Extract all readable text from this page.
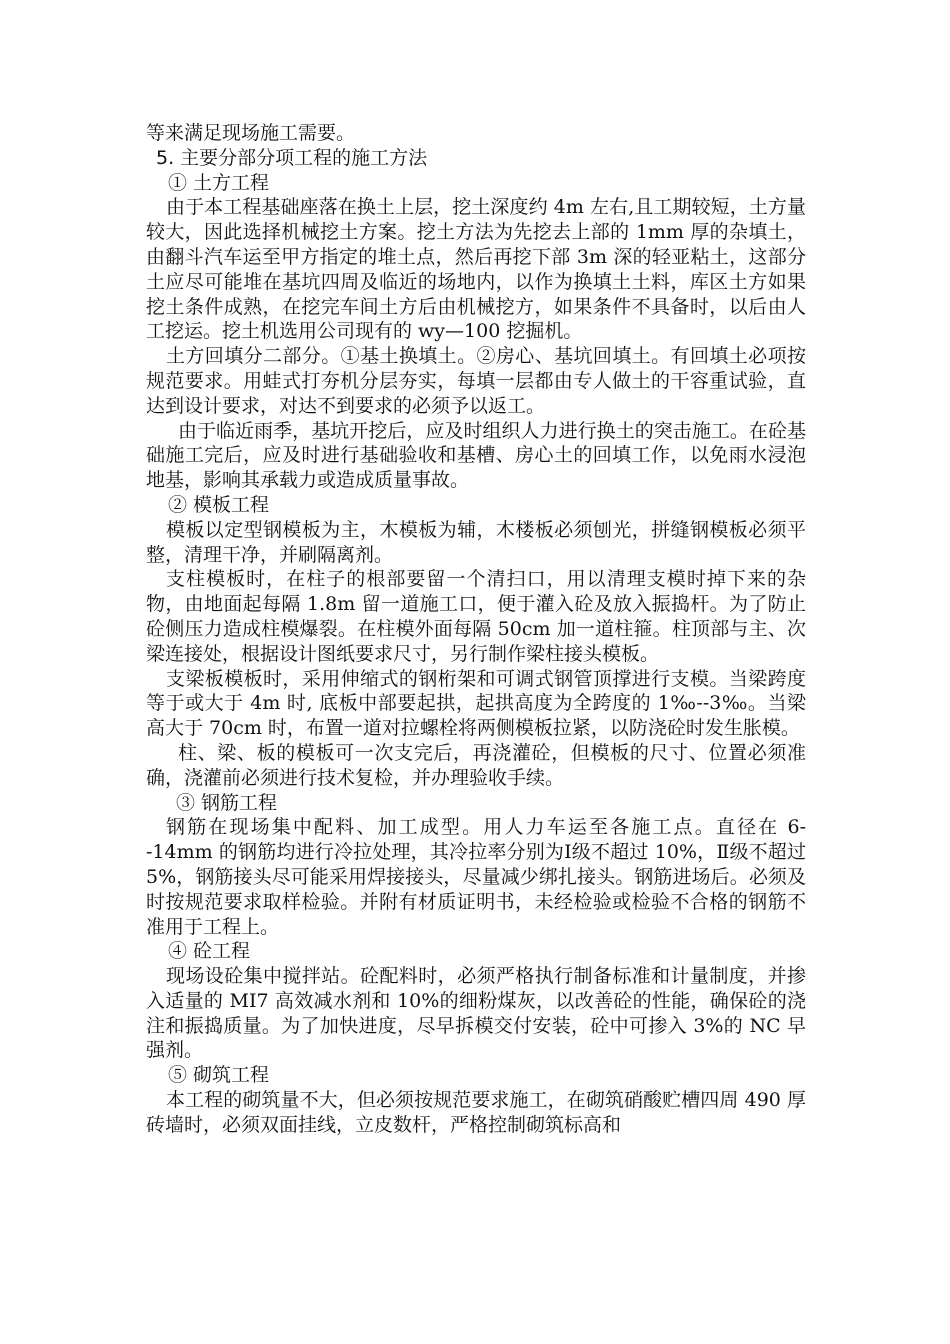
等来满足现场施工需要。

5. 主要分部分项工程的施工方法

① 土方工程

由于本工程基础座落在换土上层，挖土深度约 4m 左右,且工期较短，土方量较大，因此选择机械挖土方案。挖土方法为先挖去上部的 1mm 厚的杂填土，由翻斗汽车运至甲方指定的堆土点，然后再挖下部 3m 深的轻亚粘土，这部分土应尽可能堆在基坑四周及临近的场地内，以作为换填土土料，库区土方如果挖土条件成熟，在挖完车间土方后由机械挖方，如果条件不具备时，以后由人工挖运。挖土机选用公司现有的 wy—100 挖掘机。

土方回填分二部分。①基土换填土。②房心、基坑回填土。有回填土必项按规范要求。用蛙式打夯机分层夯实，每填一层都由专人做土的干容重试验，直达到设计要求，对达不到要求的必须予以返工。

由于临近雨季，基坑开挖后，应及时组织人力进行换土的突击施工。在砼基础施工完后，应及时进行基础验收和基槽、房心土的回填工作，以免雨水浸泡地基，影响其承载力或造成质量事故。

② 模板工程

模板以定型钢模板为主，木模板为辅，木楼板必须刨光，拼缝钢模板必须平整，清理干净，并刷隔离剂。

支柱模板时，在柱子的根部要留一个清扫口，用以清理支模时掉下来的杂物，由地面起每隔 1.8m 留一道施工口，便于灌入砼及放入振捣杆。为了防止砼侧压力造成柱模爆裂。在柱模外面每隔 50cm 加一道柱箍。柱顶部与主、次梁连接处，根据设计图纸要求尺寸，另行制作梁柱接头模板。

支梁板模板时，采用伸缩式的钢桁架和可调式钢管顶撑进行支模。当梁跨度等于或大于 4m 时, 底板中部要起拱，起拱高度为全跨度的 1‰--3‰。当梁高大于 70cm 时，布置一道对拉螺栓将两侧模板拉紧，以防浇砼时发生胀模。

柱、梁、板的模板可一次支完后，再浇灌砼，但模板的尺寸、位置必须准确，浇灌前必须进行技术复检，并办理验收手续。

③ 钢筋工程

钢筋在现场集中配料、加工成型。用人力车运至各施工点。直径在 6--14mm 的钢筋均进行冷拉处理，其冷拉率分别为Ⅰ级不超过 10%，Ⅱ级不超过 5%，钢筋接头尽可能采用焊接接头，尽量减少绑扎接头。钢筋进场后。必须及时按规范要求取样检验。并附有材质证明书，未经检验或检验不合格的钢筋不准用于工程上。

④ 砼工程

现场设砼集中搅拌站。砼配料时，必须严格执行制备标准和计量制度，并掺入适量的 MI7 高效减水剂和 10%的细粉煤灰，以改善砼的性能，确保砼的浇注和振捣质量。为了加快进度，尽早拆模交付安装，砼中可掺入 3%的 NC 早强剂。

⑤ 砌筑工程

本工程的砌筑量不大，但必须按规范要求施工，在砌筑硝酸贮槽四周 490 厚砖墙时，必须双面挂线，立皮数杆，严格控制砌筑标高和
